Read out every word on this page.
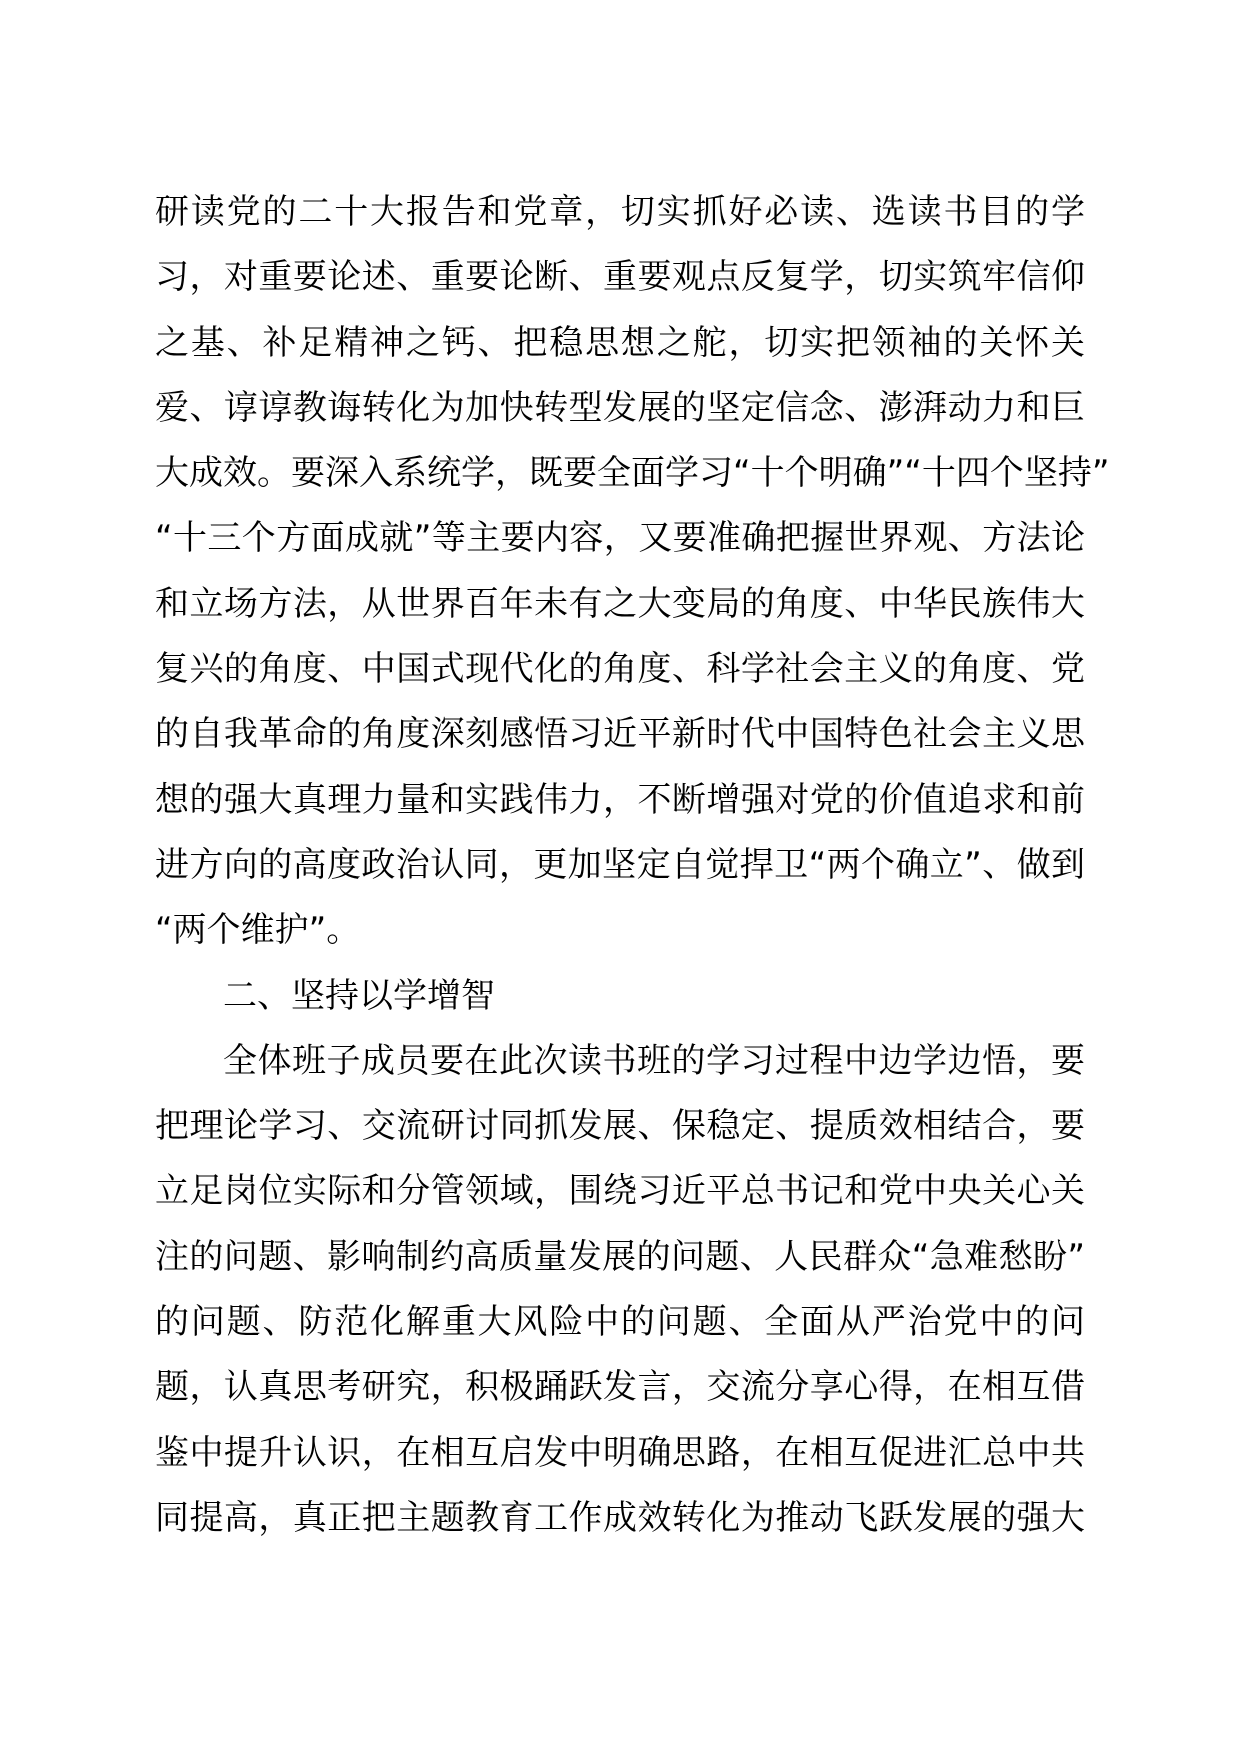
研读党的二十大报告和党章，切实抓好必读、选读书目的学
习，对重要论述、重要论断、重要观点反复学，切实筑牢信仰
之基、补足精神之钙、把稳思想之舵，切实把领袖的关怀关
爱、谆谆教诲转化为加快转型发展的坚定信念、澎湃动力和巨
大成效。要深入系统学，既要全面学习“十个明确”“十四个坚持”
“十三个方面成就”等主要内容，又要准确把握世界观、方法论
和立场方法，从世界百年未有之大变局的角度、中华民族伟大
复兴的角度、中国式现代化的角度、科学社会主义的角度、党
的自我革命的角度深刻感悟习近平新时代中国特色社会主义思
想的强大真理力量和实践伟力，不断增强对党的价值追求和前
进方向的高度政治认同，更加坚定自觉捍卫“两个确立”、做到
“两个维护”。
二、坚持以学增智
全体班子成员要在此次读书班的学习过程中边学边悟，要
把理论学习、交流研讨同抓发展、保稳定、提质效相结合，要
立足岗位实际和分管领域，围绕习近平总书记和党中央关心关
注的问题、影响制约高质量发展的问题、人民群众“急难愁盼”
的问题、防范化解重大风险中的问题、全面从严治党中的问
题，认真思考研究，积极踊跃发言，交流分享心得，在相互借
鉴中提升认识，在相互启发中明确思路，在相互促进汇总中共
同提高，真正把主题教育工作成效转化为推动飞跃发展的强大
